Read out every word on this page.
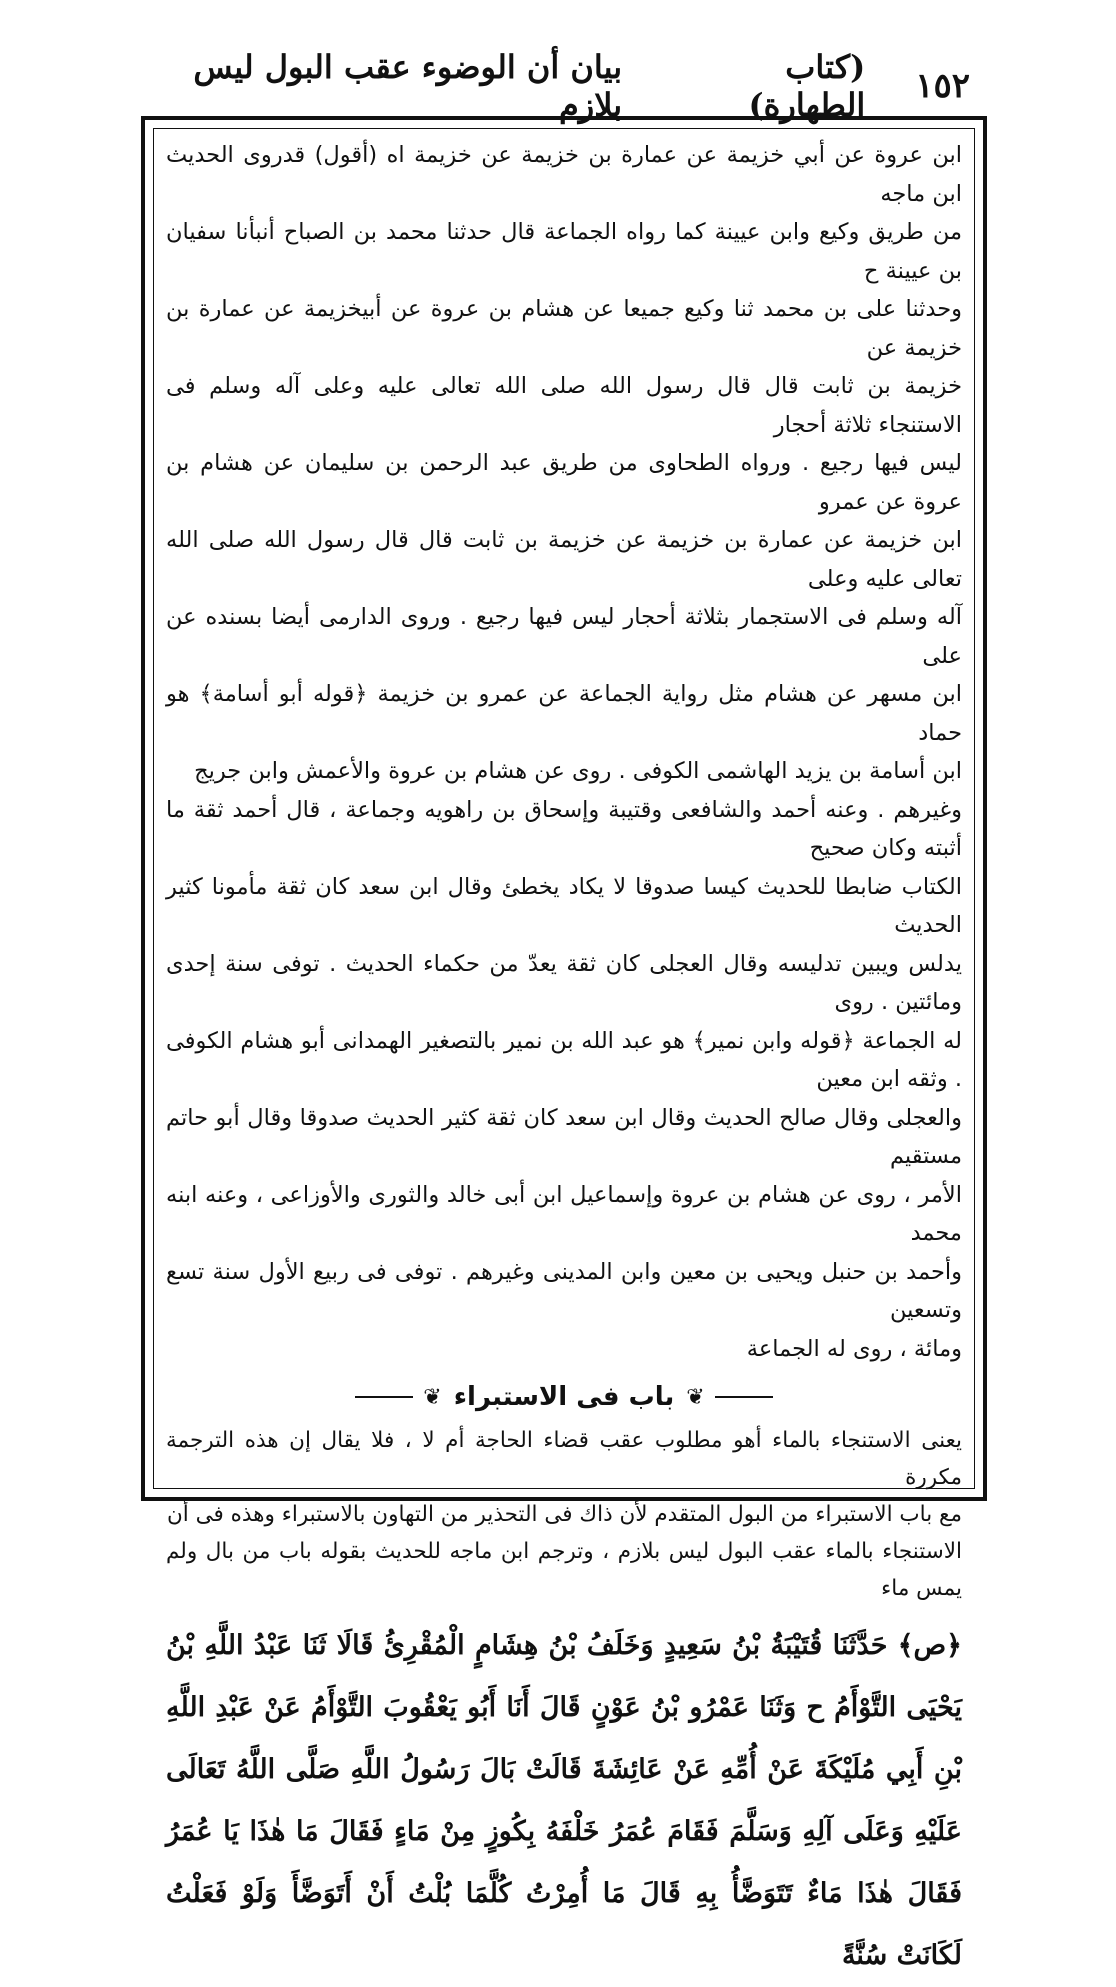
١٥٢
(كتاب الطهارة)
بيان أن الوضوء عقب البول ليس بلازم

ابن عروة عن أبي خزيمة عن عمارة بن خزيمة عن خزيمة اه (أقول) قدروى الحديث ابن ماجه

من طريق وكيع وابن عيينة كما رواه الجماعة قال حدثنا محمد بن الصباح أنبأنا سفيان بن عيينة ح

وحدثنا على بن محمد ثنا وكيع جميعا عن هشام بن عروة عن أبيخزيمة عن عمارة بن خزيمة عن

خزيمة بن ثابت قال قال رسول الله صلى الله تعالى عليه وعلى آله وسلم فى الاستنجاء ثلاثة أحجار

ليس فيها رجيع . ورواه الطحاوى من طريق عبد الرحمن بن سليمان عن هشام بن عروة عن عمرو

ابن خزيمة عن عمارة بن خزيمة عن خزيمة بن ثابت قال قال رسول الله صلى الله تعالى عليه وعلى

آله وسلم فى الاستجمار بثلاثة أحجار ليس فيها رجيع . وروى الدارمى أيضا بسنده عن على

ابن مسهر عن هشام مثل رواية الجماعة عن عمرو بن خزيمة ﴿قوله أبو أسامة﴾ هو حماد

ابن أسامة بن يزيد الهاشمى الكوفى . روى عن هشام بن عروة والأعمش وابن جريج

وغيرهم . وعنه أحمد والشافعى وقتيبة وإسحاق بن راهويه وجماعة ، قال أحمد ثقة ما أثبته وكان صحيح

الكتاب ضابطا للحديث كيسا صدوقا لا يكاد يخطئ وقال ابن سعد كان ثقة مأمونا كثير الحديث

يدلس ويبين تدليسه وقال العجلى كان ثقة يعدّ من حكماء الحديث . توفى سنة إحدى ومائتين . روى

له الجماعة ﴿قوله وابن نمير﴾ هو عبد الله بن نمير بالتصغير الهمدانى أبو هشام الكوفى . وثقه ابن معين

والعجلى وقال صالح الحديث وقال ابن سعد كان ثقة كثير الحديث صدوقا وقال أبو حاتم مستقيم

الأمر ، روى عن هشام بن عروة وإسماعيل ابن أبى خالد والثورى والأوزاعى ، وعنه ابنه محمد

وأحمد بن حنبل ويحيى بن معين وابن المدينى وغيرهم . توفى فى ربيع الأول سنة تسع وتسعين

ومائة ، روى له الجماعة

❦
باب فى الاستبراء
❦

يعنى الاستنجاء بالماء أهو مطلوب عقب قضاء الحاجة أم لا ، فلا يقال إن هذه الترجمة مكررة

مع باب الاستبراء من البول المتقدم لأن ذاك فى التحذير من التهاون بالاستبراء وهذه فى أن

الاستنجاء بالماء عقب البول ليس بلازم ، وترجم ابن ماجه للحديث بقوله باب من بال ولم يمس ماء

﴿ص﴾ حَدَّثَنَا قُتَيْبَةُ بْنُ سَعِيدٍ وَخَلَفُ بْنُ هِشَامٍ الْمُقْرِئُ قَالَا ثَنَا عَبْدُ اللَّهِ بْنُ يَحْيَى التَّوْأَمُ ح وَثَنَا عَمْرُو بْنُ عَوْنٍ قَالَ أَنَا أَبُو يَعْقُوبَ التَّوْأَمُ عَنْ عَبْدِ اللَّهِ بْنِ أَبِي مُلَيْكَةَ عَنْ أُمِّهِ عَنْ عَائِشَةَ قَالَتْ بَالَ رَسُولُ اللَّهِ صَلَّى اللَّهُ تَعَالَى عَلَيْهِ وَعَلَى آلِهِ وَسَلَّمَ فَقَامَ عُمَرُ خَلْفَهُ بِكُوزٍ مِنْ مَاءٍ فَقَالَ مَا هٰذَا يَا عُمَرُ فَقَالَ هٰذَا مَاءٌ تَتَوَضَّأُ بِهِ قَالَ مَا أُمِرْتُ كُلَّمَا بُلْتُ أَنْ أَتَوَضَّأَ وَلَوْ فَعَلْتُ لَكَانَتْ سُنَّةً
